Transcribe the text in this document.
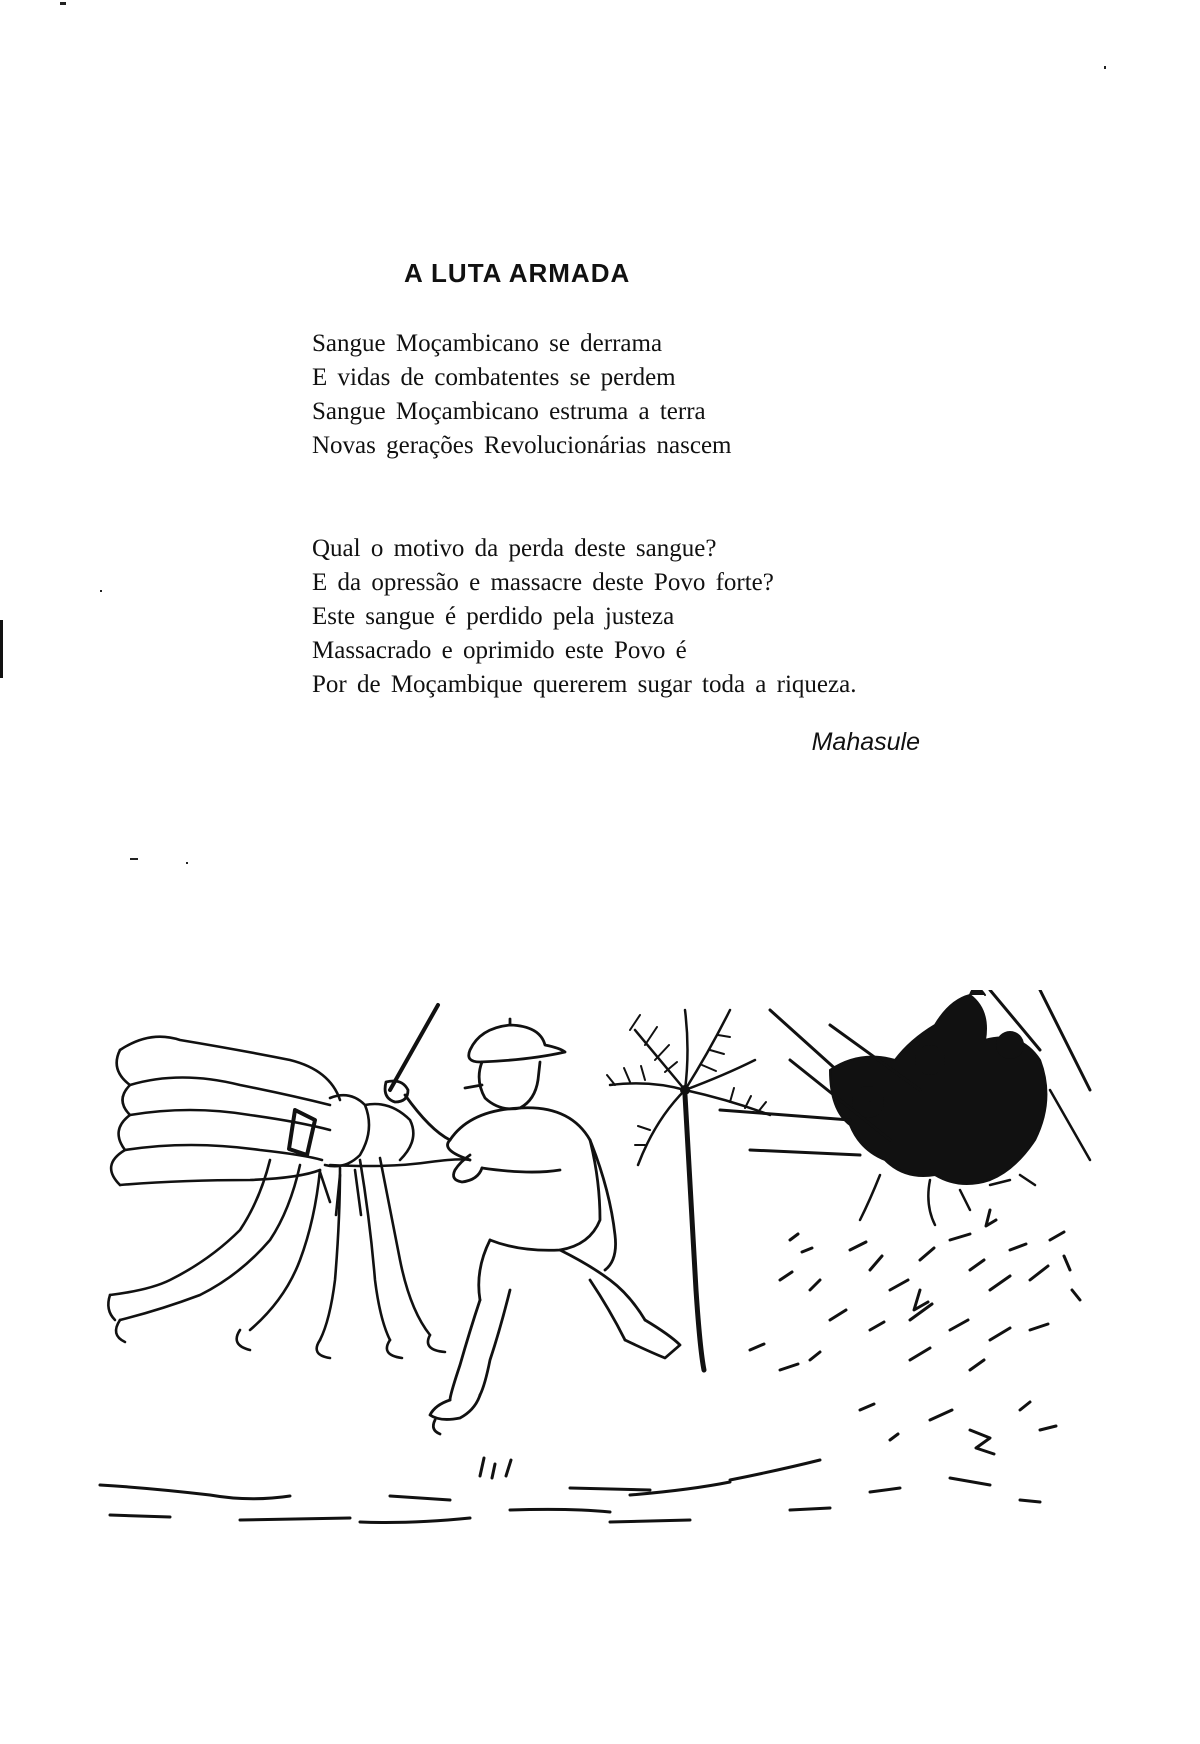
A LUTA ARMADA
Sangue Moçambicano se derrama
E vidas de combatentes se perdem
Sangue Moçambicano estruma a terra
Novas gerações Revolucionárias nascem
Qual o motivo da perda deste sangue?
E da opressão e massacre deste Povo forte?
Este sangue é perdido pela justeza
Massacrado e oprimido este Povo é
Por de Moçambique quererem sugar toda a riqueza.
Mahasule
